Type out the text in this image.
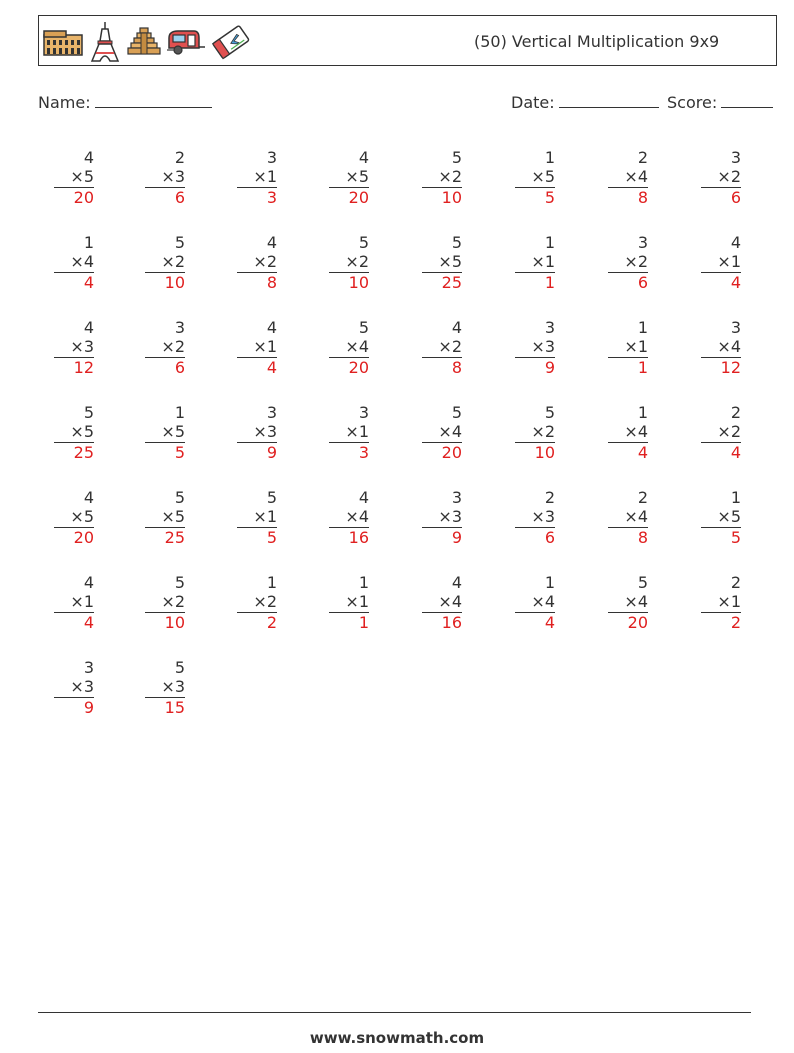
(50) Vertical Multiplication 9x9
Name:	Date:	Score:
4
×5
20
2
×3
6
3
×1
3
4
×5
20
5
×2
10
1
×5
5
2
×4
8
3
×2
6
1
×4
4
5
×2
10
4
×2
8
5
×2
10
5
×5
25
1
×1
1
3
×2
6
4
×1
4
4
×3
12
3
×2
6
4
×1
4
5
×4
20
4
×2
8
3
×3
9
1
×1
1
3
×4
12
5
×5
25
1
×5
5
3
×3
9
3
×1
3
5
×4
20
5
×2
10
1
×4
4
2
×2
4
4
×5
20
5
×5
25
5
×1
5
4
×4
16
3
×3
9
2
×3
6
2
×4
8
1
×5
5
4
×1
4
5
×2
10
1
×2
2
1
×1
1
4
×4
16
1
×4
4
5
×4
20
2
×1
2
3
×3
9
5
×3
15
www.snowmath.com
